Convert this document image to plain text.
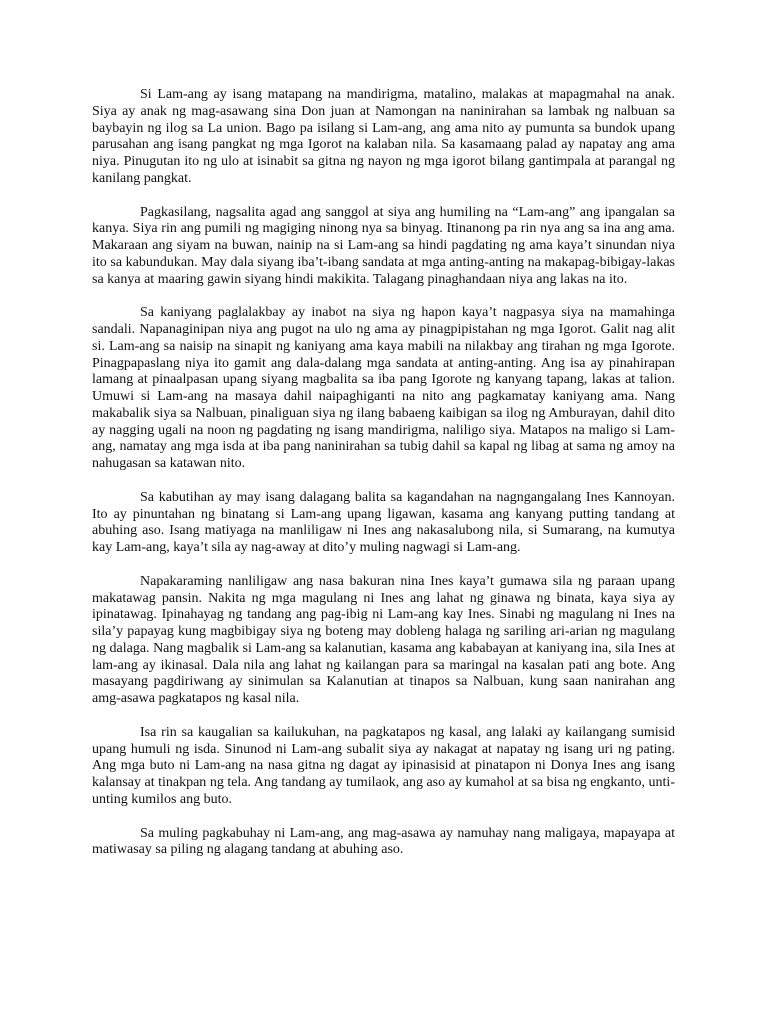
Si Lam-ang ay isang matapang na mandirigma, matalino, malakas at mapagmahal na anak. Siya ay anak ng mag-asawang sina Don juan at Namongan na naninirahan sa lambak ng nalbuan sa baybayin ng ilog sa La union. Bago pa isilang si Lam-ang, ang ama nito ay pumunta sa bundok upang parusahan ang isang pangkat ng mga Igorot na kalaban nila. Sa kasamaang palad ay napatay ang ama niya. Pinugutan ito ng ulo at isinabit sa gitna ng nayon ng mga igorot bilang gantimpala at parangal ng kanilang pangkat.

Pagkasilang, nagsalita agad ang sanggol at siya ang humiling na “Lam-ang” ang ipangalan sa kanya. Siya rin ang pumili ng magiging ninong nya sa binyag. Itinanong pa rin nya ang sa ina ang ama. Makaraan ang siyam na buwan, nainip na si Lam-ang sa hindi pagdating ng ama kaya’t sinundan niya ito sa kabundukan. May dala siyang iba’t-ibang sandata at mga anting-anting na makapag-bibigay-lakas sa kanya at maaring gawin siyang hindi makikita. Talagang pinaghandaan niya ang lakas na ito.

Sa kaniyang paglalakbay ay inabot na siya ng hapon kaya’t nagpasya siya na mamahinga sandali. Napanaginipan niya ang pugot na ulo ng ama ay pinagpipistahan ng mga Igorot. Galit nag alit si. Lam-ang sa naisip na sinapit ng kaniyang ama kaya mabili na nilakbay ang tirahan ng mga Igorote. Pinagpapaslang niya ito gamit ang dala-dalang mga sandata at anting-anting. Ang isa ay pinahirapan lamang at pinaalpasan upang siyang magbalita sa iba pang Igorote ng kanyang tapang, lakas at talion. Umuwi si Lam-ang na masaya dahil naipaghiganti na nito ang pagkamatay kaniyang ama. Nang makabalik siya sa Nalbuan, pinaliguan siya ng ilang babaeng kaibigan sa ilog ng Amburayan, dahil dito ay nagging ugali na noon ng pagdating ng isang mandirigma, naliligo siya. Matapos na maligo si Lam-ang, namatay ang mga isda at iba pang naninirahan sa tubig dahil sa kapal ng libag at sama ng amoy na nahugasan sa katawan nito.

Sa kabutihan ay may isang dalagang balita sa kagandahan na nagngangalang Ines Kannoyan. Ito ay pinuntahan ng binatang si Lam-ang upang ligawan, kasama ang kanyang putting tandang at abuhing aso. Isang matiyaga na manliligaw ni Ines ang nakasalubong nila, si Sumarang, na kumutya kay Lam-ang, kaya’t sila ay nag-away at dito’y muling nagwagi si Lam-ang.

Napakaraming nanliligaw ang nasa bakuran nina Ines kaya’t gumawa sila ng paraan upang makatawag pansin. Nakita ng mga magulang ni Ines ang lahat ng ginawa ng binata, kaya siya ay ipinatawag. Ipinahayag ng tandang ang pag-ibig ni Lam-ang kay Ines. Sinabi ng magulang ni Ines na sila’y papayag kung magbibigay siya ng boteng may dobleng halaga ng sariling ari-arian ng magulang ng dalaga. Nang magbalik si Lam-ang sa kalanutian, kasama ang kababayan at kaniyang ina, sila Ines at lam-ang ay ikinasal. Dala nila ang lahat ng kailangan para sa maringal na kasalan pati ang bote. Ang masayang pagdiriwang ay sinimulan sa Kalanutian at tinapos sa Nalbuan, kung saan nanirahan ang amg-asawa pagkatapos ng kasal nila.

Isa rin sa kaugalian sa kailukuhan, na pagkatapos ng kasal, ang lalaki ay kailangang sumisid upang humuli ng isda. Sinunod ni Lam-ang subalit siya ay nakagat at napatay ng isang uri ng pating. Ang mga buto ni Lam-ang na nasa gitna ng dagat ay ipinasisid at pinatapon ni Donya Ines ang isang kalansay at tinakpan ng tela. Ang tandang ay tumilaok, ang aso ay kumahol at sa bisa ng engkanto, unti-unting kumilos ang buto.

Sa muling pagkabuhay ni Lam-ang, ang mag-asawa ay namuhay nang maligaya, mapayapa at matiwasay sa piling ng alagang tandang at abuhing aso.
